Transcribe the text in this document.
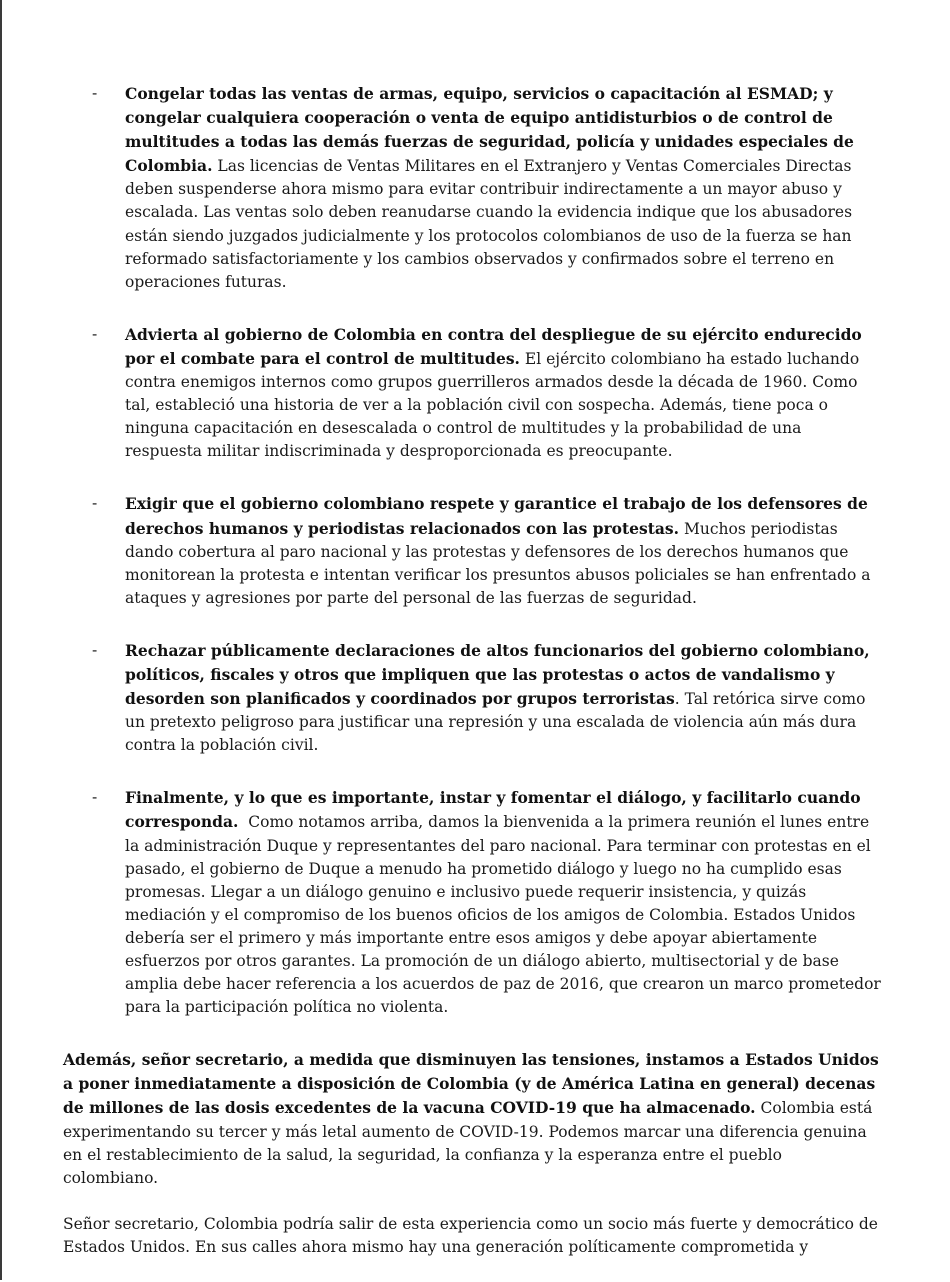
- Congelar todas las ventas de armas, equipo, servicios o capacitación al ESMAD; y congelar cualquiera cooperación o venta de equipo antidisturbios o de control de multitudes a todas las demás fuerzas de seguridad, policía y unidades especiales de Colombia. Las licencias de Ventas Militares en el Extranjero y Ventas Comerciales Directas deben suspenderse ahora mismo para evitar contribuir indirectamente a un mayor abuso y escalada. Las ventas solo deben reanudarse cuando la evidencia indique que los abusadores están siendo juzgados judicialmente y los protocolos colombianos de uso de la fuerza se han reformado satisfactoriamente y los cambios observados y confirmados sobre el terreno en operaciones futuras.
- Advierta al gobierno de Colombia en contra del despliegue de su ejército endurecido por el combate para el control de multitudes. El ejército colombiano ha estado luchando contra enemigos internos como grupos guerrilleros armados desde la década de 1960. Como tal, estableció una historia de ver a la población civil con sospecha. Además, tiene poca o ninguna capacitación en desescalada o control de multitudes y la probabilidad de una respuesta militar indiscriminada y desproporcionada es preocupante.
- Exigir que el gobierno colombiano respete y garantice el trabajo de los defensores de derechos humanos y periodistas relacionados con las protestas. Muchos periodistas dando cobertura al paro nacional y las protestas y defensores de los derechos humanos que monitorean la protesta e intentan verificar los presuntos abusos policiales se han enfrentado a ataques y agresiones por parte del personal de las fuerzas de seguridad.
- Rechazar públicamente declaraciones de altos funcionarios del gobierno colombiano, políticos, fiscales y otros que impliquen que las protestas o actos de vandalismo y desorden son planificados y coordinados por grupos terroristas. Tal retórica sirve como un pretexto peligroso para justificar una represión y una escalada de violencia aún más dura contra la población civil.
- Finalmente, y lo que es importante, instar y fomentar el diálogo, y facilitarlo cuando corresponda. Como notamos arriba, damos la bienvenida a la primera reunión el lunes entre la administración Duque y representantes del paro nacional. Para terminar con protestas en el pasado, el gobierno de Duque a menudo ha prometido diálogo y luego no ha cumplido esas promesas. Llegar a un diálogo genuino e inclusivo puede requerir insistencia, y quizás mediación y el compromiso de los buenos oficios de los amigos de Colombia. Estados Unidos debería ser el primero y más importante entre esos amigos y debe apoyar abiertamente esfuerzos por otros garantes. La promoción de un diálogo abierto, multisectorial y de base amplia debe hacer referencia a los acuerdos de paz de 2016, que crearon un marco prometedor para la participación política no violenta.
Además, señor secretario, a medida que disminuyen las tensiones, instamos a Estados Unidos a poner inmediatamente a disposición de Colombia (y de América Latina en general) decenas de millones de las dosis excedentes de la vacuna COVID-19 que ha almacenado. Colombia está experimentando su tercer y más letal aumento de COVID-19. Podemos marcar una diferencia genuina en el restablecimiento de la salud, la seguridad, la confianza y la esperanza entre el pueblo colombiano.
Señor secretario, Colombia podría salir de esta experiencia como un socio más fuerte y democrático de Estados Unidos. En sus calles ahora mismo hay una generación políticamente comprometida y
